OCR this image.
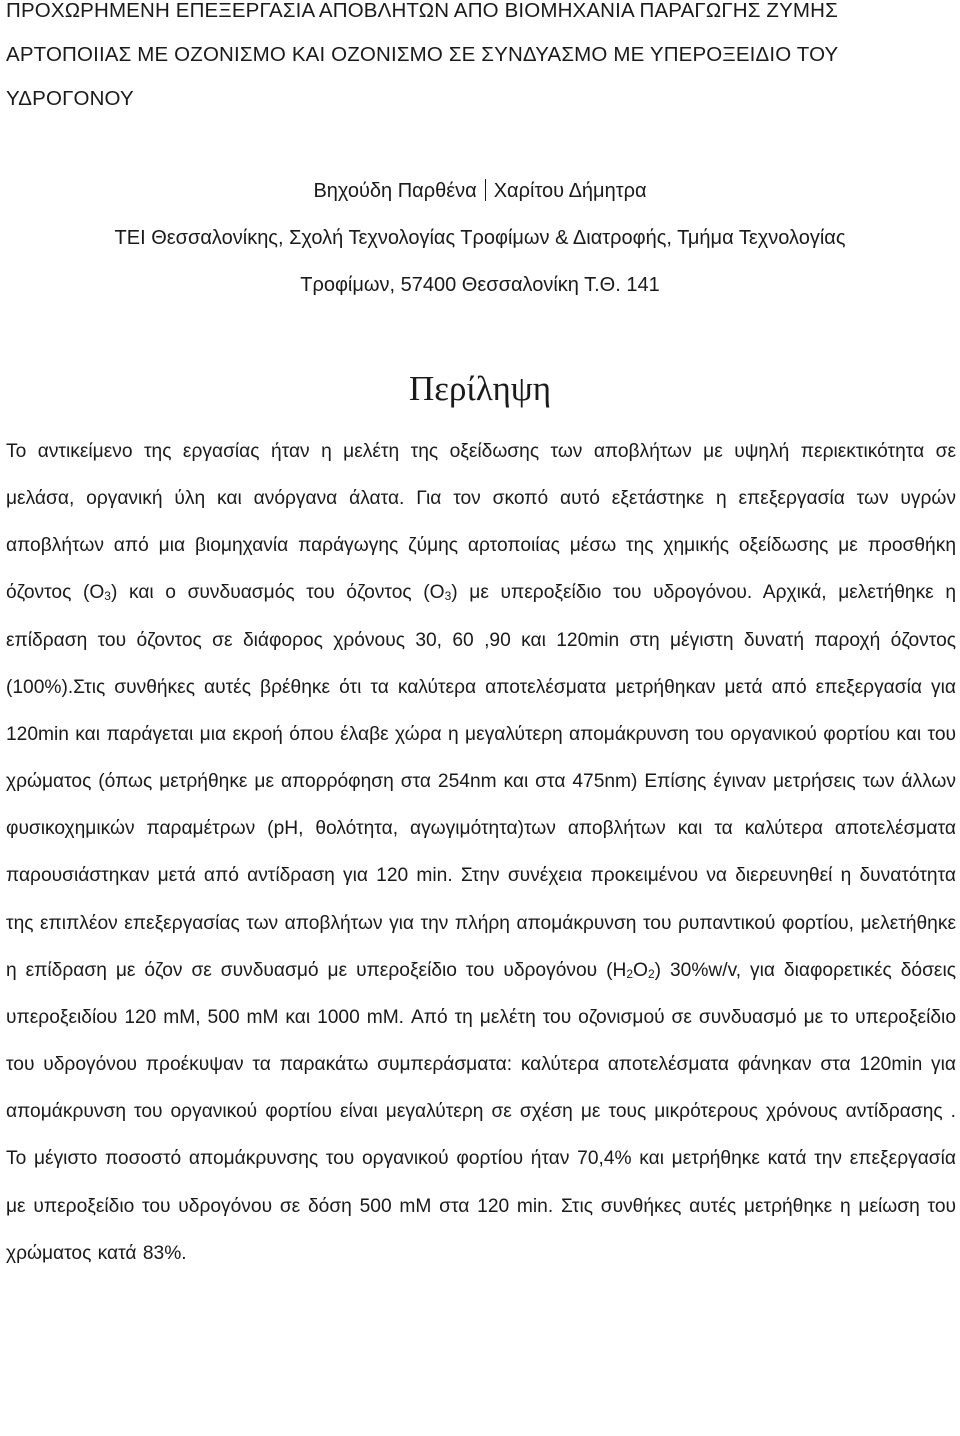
ΠΡΟΧΩΡΗΜΕΝΗ ΕΠΕΞΕΡΓΑΣΙΑ ΑΠΟΒΛΗΤΩΝ ΑΠΟ ΒΙΟΜΗΧΑΝΙΑ ΠΑΡΑΓΩΓΗΣ ΖΥΜΗΣ ΑΡΤΟΠΟΙΙΑΣ ΜΕ ΟΖΟΝΙΣΜΟ ΚΑΙ ΟΖΟΝΙΣΜΟ ΣΕ ΣΥΝΔΥΑΣΜΟ ΜΕ ΥΠΕΡΟΞΕΙΔΙΟ ΤΟΥ ΥΔΡΟΓΟΝΟΥ
Βηχούδη Παρθένα Χαρίτου Δήμητρα
ΤΕΙ Θεσσαλονίκης, Σχολή Τεχνολογίας Τροφίμων & Διατροφής, Τμήμα Τεχνολογίας
Τροφίμων, 57400 Θεσσαλονίκη Τ.Θ. 141
Περίληψη

Το αντικείμενο της εργασίας ήταν η μελέτη της οξείδωσης των αποβλήτων με υψηλή περιεκτικότητα σε μελάσα, οργανική ύλη και ανόργανα άλατα. Για τον σκοπό αυτό εξετάστηκε η επεξεργασία των υγρών αποβλήτων από μια βιομηχανία παράγωγης ζύμης αρτοποιίας μέσω της χημικής οξείδωσης με προσθήκη όζοντος $(O_3)$ και ο συνδυασμός του όζοντος $(O_3)$ με υπεροξείδιο του υδρογόνου. Αρχικά, μελετήθηκε η επίδραση του όζοντος σε διάφορος χρόνους 30, 60 ,90 και 120min στη μέγιστη δυνατή παροχή όζοντος (100%).Στις συνθήκες αυτές βρέθηκε ότι τα καλύτερα αποτελέσματα μετρήθηκαν μετά από επεξεργασία για 120min και παράγεται μια εκροή όπου έλαβε χώρα η μεγαλύτερη απομάκρυνση του οργανικού φορτίου και του χρώματος (όπως μετρήθηκε με απορρόφηση στα 254nm και στα 475nm) Επίσης έγιναν μετρήσεις των άλλων φυσικοχημικών παραμέτρων (pH, θολότητα, αγωγιμότητα)των αποβλήτων και τα καλύτερα αποτελέσματα παρουσιάστηκαν μετά από αντίδραση για 120 min. Στην συνέχεια προκειμένου να διερευνηθεί η δυνατότητα της επιπλέον επεξεργασίας των αποβλήτων για την πλήρη απομάκρυνση του ρυπαντικού φορτίου, μελετήθηκε η επίδραση με όζον σε συνδυασμό με υπεροξείδιο του υδρογόνου $(H_2O_2)$ 30%w/v, για διαφορετικές δόσεις υπεροξειδίου 120 mM, 500 mM και 1000 mM. Από τη μελέτη του οζονισμού σε συνδυασμό με το υπεροξείδιο του υδρογόνου προέκυψαν τα παρακάτω συμπεράσματα: καλύτερα αποτελέσματα φάνηκαν στα 120min για απομάκρυνση του οργανικού φορτίου είναι μεγαλύτερη σε σχέση με τους μικρότερους χρόνους αντίδρασης . Το μέγιστο ποσοστό απομάκρυνσης του οργανικού φορτίου ήταν 70,4% και μετρήθηκε κατά την επεξεργασία με υπεροξείδιο του υδρογόνου σε δόση 500 mM στα 120 min. Στις συνθήκες αυτές μετρήθηκε η μείωση του χρώματος κατά 83%.
